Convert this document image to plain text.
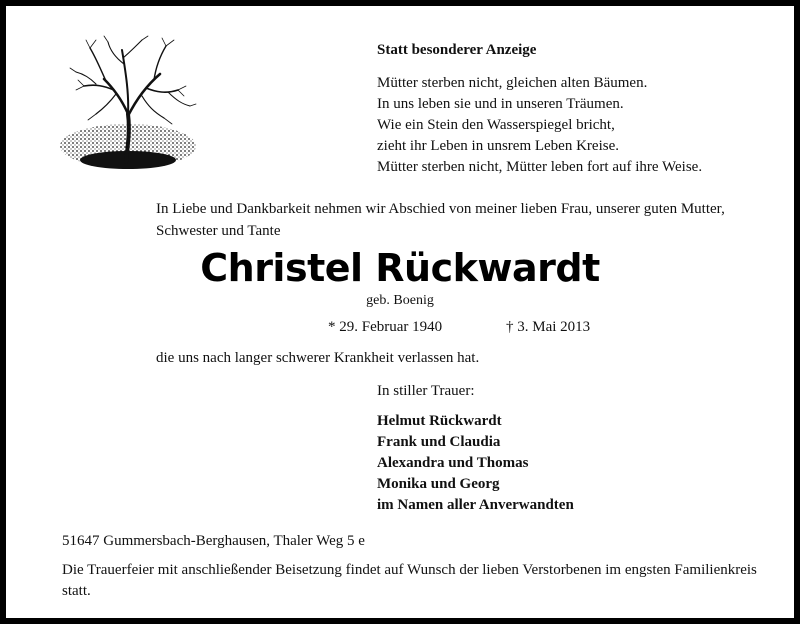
Statt besonderer Anzeige
Mütter sterben nicht, gleichen alten Bäumen.
In uns leben sie und in unseren Träumen.
Wie ein Stein den Wasserspiegel bricht,
zieht ihr Leben in unsrem Leben Kreise.
Mütter sterben nicht, Mütter leben fort auf ihre Weise.
In Liebe und Dankbarkeit nehmen wir Abschied von meiner lieben Frau, unserer guten Mutter, Schwester und Tante
Christel Rückwardt
geb. Boenig
* 29. Februar 1940	† 3. Mai 2013
die uns nach langer schwerer Krankheit verlassen hat.
In stiller Trauer:
Helmut Rückwardt
Frank und Claudia
Alexandra und Thomas
Monika und Georg
im Namen aller Anverwandten
51647 Gummersbach-Berghausen, Thaler Weg 5 e
Die Trauerfeier mit anschließender Beisetzung findet auf Wunsch der lieben Verstorbenen im engsten Familienkreis statt.
